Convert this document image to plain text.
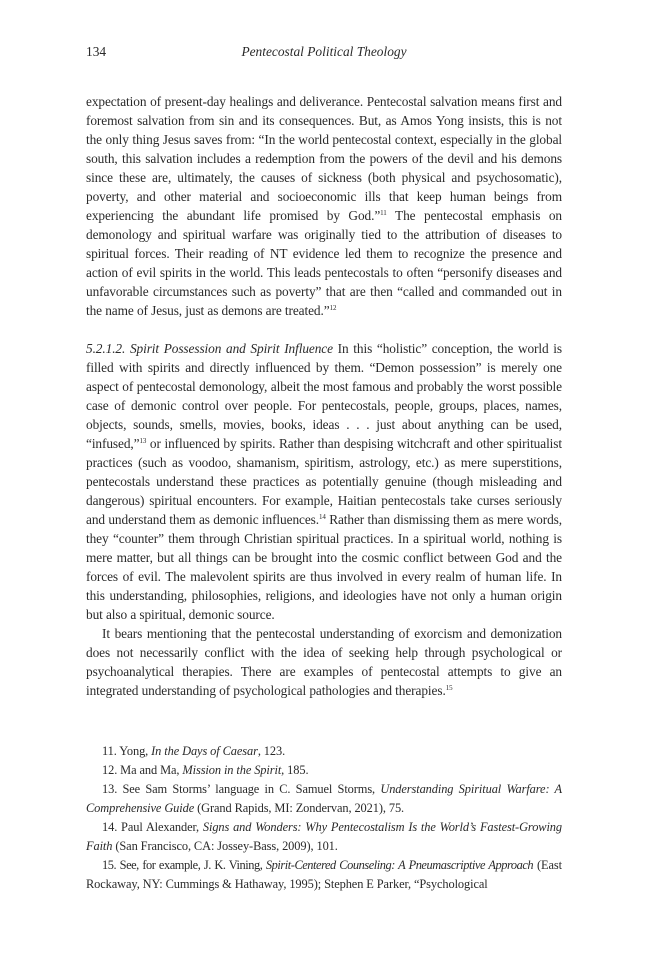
134	Pentecostal Political Theology

expectation of present-day healings and deliverance. Pentecostal salvation means first and foremost salvation from sin and its consequences. But, as Amos Yong insists, this is not the only thing Jesus saves from: “In the world pentecostal context, especially in the global south, this salvation includes a redemption from the powers of the devil and his demons since these are, ultimately, the causes of sickness (both physical and psychosomatic), poverty, and other material and socioeconomic ills that keep human beings from experiencing the abundant life promised by God.”$^{11}$ The pentecostal emphasis on demonology and spiritual warfare was originally tied to the attribution of diseases to spiritual forces. Their reading of NT evidence led them to recognize the presence and action of evil spirits in the world. This leads pentecostals to often “personify diseases and unfavorable circumstances such as poverty” that are then “called and commanded out in the name of Jesus, just as demons are treated.”$^{12}$

5.2.1.2. Spirit Possession and Spirit Influence In this “holistic” conception, the world is filled with spirits and directly influenced by them. “Demon possession” is merely one aspect of pentecostal demonology, albeit the most famous and probably the worst possible case of demonic control over people. For pentecostals, people, groups, places, names, objects, sounds, smells, movies, books, ideas . . . just about anything can be used, “infused,”$^{13}$ or influenced by spirits. Rather than despising witchcraft and other spiritualist practices (such as voodoo, shamanism, spiritism, astrology, etc.) as mere superstitions, pentecostals understand these practices as potentially genuine (though misleading and dangerous) spiritual encounters. For example, Haitian pentecostals take curses seriously and understand them as demonic influences.$^{14}$ Rather than dismissing them as mere words, they “counter” them through Christian spiritual practices. In a spiritual world, nothing is mere matter, but all things can be brought into the cosmic conflict between God and the forces of evil. The malevolent spirits are thus involved in every realm of human life. In this understanding, philosophies, religions, and ideologies have not only a human origin but also a spiritual, demonic source.

It bears mentioning that the pentecostal understanding of exorcism and demonization does not necessarily conflict with the idea of seeking help through psychological or psychoanalytical therapies. There are examples of pentecostal attempts to give an integrated understanding of psychological pathologies and therapies.$^{15}$

11. Yong, In the Days of Caesar, 123.

12. Ma and Ma, Mission in the Spirit, 185.

13. See Sam Storms’ language in C. Samuel Storms, Understanding Spiritual Warfare: A Comprehensive Guide (Grand Rapids, MI: Zondervan, 2021), 75.

14. Paul Alexander, Signs and Wonders: Why Pentecostalism Is the World’s Fastest-Growing Faith (San Francisco, CA: Jossey-Bass, 2009), 101.

15. See, for example, J. K. Vining, Spirit-Centered Counseling: A Pneumascriptive Approach (East Rockaway, NY: Cummings & Hathaway, 1995); Stephen E Parker, “Psychological
